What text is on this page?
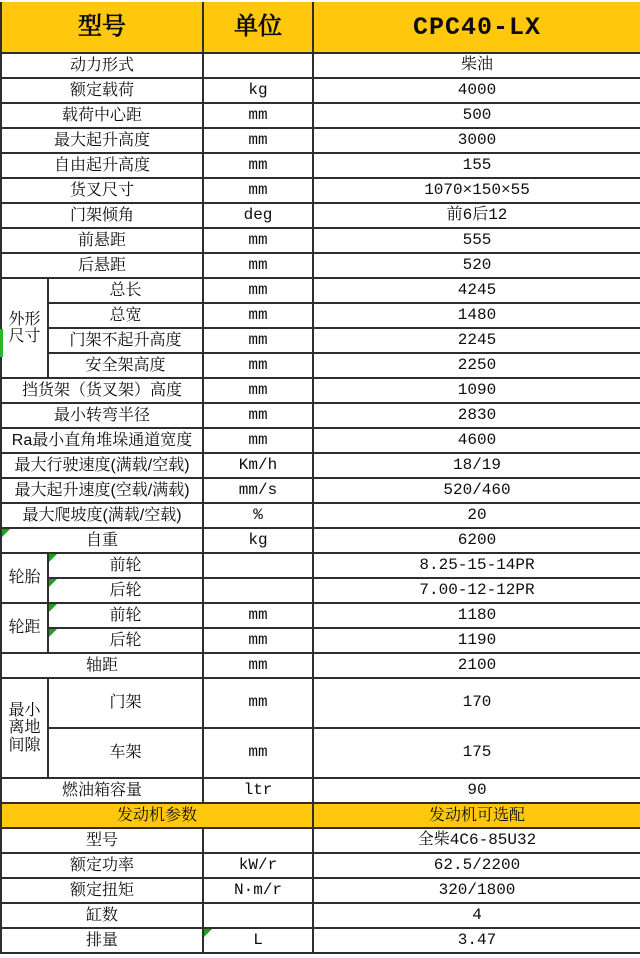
型号		单位	CPC40-LX
动力形式			柴油
额定载荷		kg	4000
载荷中心距		mm	500
最大起升高度		mm	3000
自由起升高度		mm	155
货叉尺寸		mm	1070×150×55
门架倾角		deg	前6后12
前悬距		mm	555
后悬距		mm	520
外形尺寸	总长	mm	4245
	总宽	mm	1480
	门架不起升高度	mm	2245
	安全架高度	mm	2250
挡货架（货叉架）高度		mm	1090
最小转弯半径		mm	2830
Ra最小直角堆垛通道宽度		mm	4600
最大行驶速度(满载/空载)		Km/h	18/19
最大起升速度(空载/满载)		mm/s	520/460
最大爬坡度(满载/空载)		%	20
自重		kg	6200
轮胎	前轮		8.25-15-14PR
	后轮		7.00-12-12PR
轮距	前轮	mm	1180
	后轮	mm	1190
轴距		mm	2100
最小离地间隙	门架	mm	170
	车架	mm	175
燃油箱容量		ltr	90
发动机参数			发动机可选配
型号			全柴4C6-85U32
额定功率		kW/r	62.5/2200
额定扭矩		N·m/r	320/1800
缸数			4
排量		L	3.47
